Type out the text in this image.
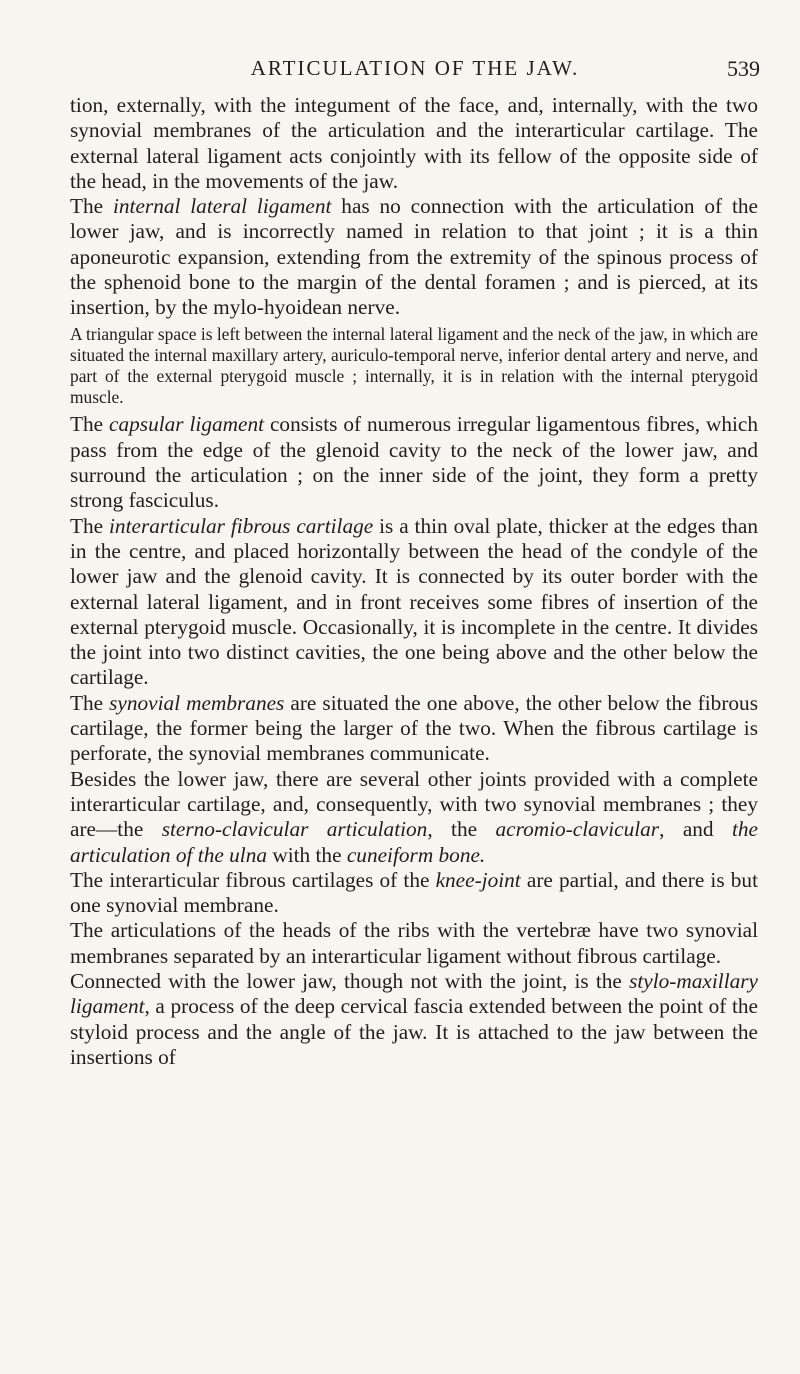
ARTICULATION OF THE JAW.	539

tion, externally, with the integument of the face, and, internally, with the two synovial membranes of the articulation and the interarticular cartilage. The external lateral ligament acts conjointly with its fellow of the opposite side of the head, in the movements of the jaw.

The internal lateral ligament has no connection with the articulation of the lower jaw, and is incorrectly named in relation to that joint ; it is a thin aponeurotic expansion, extending from the extremity of the spinous process of the sphenoid bone to the margin of the dental foramen ; and is pierced, at its insertion, by the mylo-hyoidean nerve.

A triangular space is left between the internal lateral ligament and the neck of the jaw, in which are situated the internal maxillary artery, auriculo-temporal nerve, inferior dental artery and nerve, and part of the external pterygoid muscle ; internally, it is in relation with the internal pterygoid muscle.

The capsular ligament consists of numerous irregular ligamentous fibres, which pass from the edge of the glenoid cavity to the neck of the lower jaw, and surround the articulation ; on the inner side of the joint, they form a pretty strong fasciculus.

The interarticular fibrous cartilage is a thin oval plate, thicker at the edges than in the centre, and placed horizontally between the head of the condyle of the lower jaw and the glenoid cavity. It is connected by its outer border with the external lateral ligament, and in front receives some fibres of insertion of the external pterygoid muscle. Occasionally, it is incomplete in the centre. It divides the joint into two distinct cavities, the one being above and the other below the cartilage.

The synovial membranes are situated the one above, the other below the fibrous cartilage, the former being the larger of the two. When the fibrous cartilage is perforate, the synovial membranes communicate.

Besides the lower jaw, there are several other joints provided with a complete interarticular cartilage, and, consequently, with two synovial membranes ; they are—the sterno-clavicular articulation, the acromio-clavicular, and the articulation of the ulna with the cuneiform bone.

The interarticular fibrous cartilages of the knee-joint are partial, and there is but one synovial membrane.

The articulations of the heads of the ribs with the vertebræ have two synovial membranes separated by an interarticular ligament without fibrous cartilage.

Connected with the lower jaw, though not with the joint, is the stylo-maxillary ligament, a process of the deep cervical fascia extended between the point of the styloid process and the angle of the jaw. It is attached to the jaw between the insertions of
